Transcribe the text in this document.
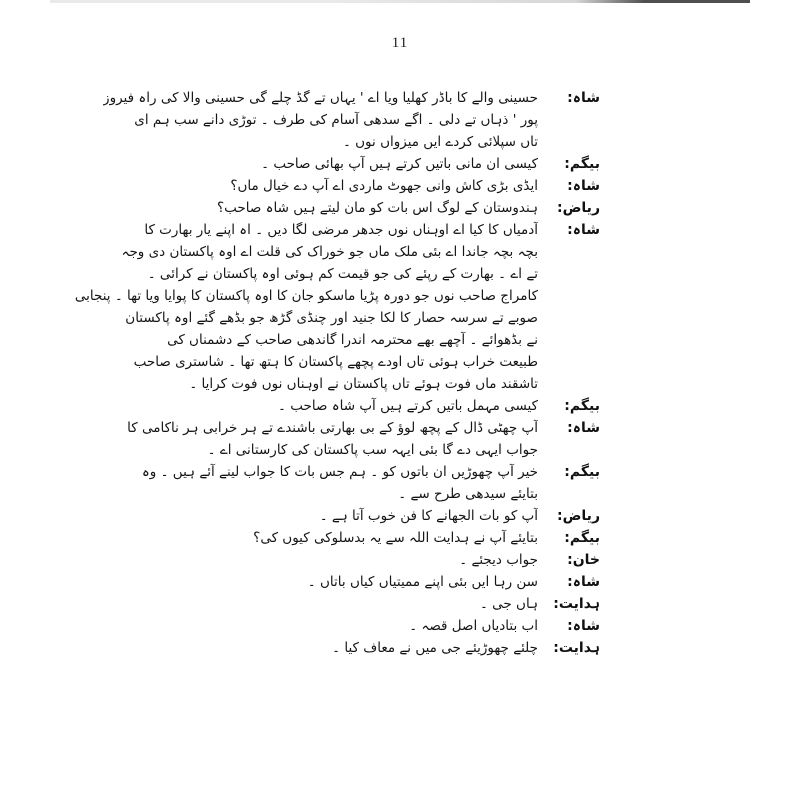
11
شاہ :
حسینی والے کا باڈر کھلیا ویا اے ' یہاں تے گڈ چلے گی حسینی والا کی راہ فیروز
پور ' ذہاں تے دلی ۔ اگے سدھی آسام کی طرف ۔ توڑی دانے سب ہم ای
تاں سپلائی کردے ایں میزواں نوں ۔
بیگم :
کیسی ان مانی باتیں کرتے ہیں آپ بھائی صاحب ۔
شاہ :
ایڈی بڑی کاش وانی جھوٹ ماردی اے آپ دے خیال ماں؟
ریاض :
ہندوستان کے لوگ اس بات کو مان لیتے ہیں شاہ صاحب؟
شاہ :
آدمیاں کا کیا اے اوہناں نوں جدھر مرضی لگا دیں ۔ اہ اپنے یار بھارت کا
بچہ بچہ جاندا اے بئی ملک ماں جو خوراک کی قلت اے اوہ پاکستان دی وجہ
تے اے ۔ بھارت کے رپئے کی جو قیمت کم ہوئی اوہ پاکستان نے کرائی ۔
کامراج صاحب نوں جو دورہ پڑیا ماسکو جان کا اوہ پاکستان کا پوایا ویا تھا ۔ پنجابی
صوبے تے سرسہ حصار کا لکا جنید اور چنڈی گڑھ جو بڈھے گئے اوہ پاکستان
نے بڈھوائے ۔ آچھے بھے محترمہ اندرا گاندھی صاحب کے دشمناں کی
طبیعت خراب ہوئی تاں اودے پچھے پاکستان کا ہتھ تھا ۔ شاستری صاحب
تاشقند ماں فوت ہوئے تاں پاکستان نے اوہناں نوں فوت کرایا ۔
بیگم :
کیسی مہمل باتیں کرتے ہیں آپ شاہ صاحب ۔
شاہ :
آپ چھٹی ڈال کے پچھ لوؤ کے بی بھارتی باشندے تے ہر خرابی ہر ناکامی کا
جواب ایہی دے گا بئی ایہہ سب پاکستان کی کارستانی اے ۔
بیگم :
خیر آپ چھوڑیں ان باتوں کو ۔ ہم جس بات کا جواب لینے آئے ہیں ۔ وہ
بتایئے سیدھی طرح سے ۔
ریاض :
آپ کو بات الجھانے کا فن خوب آتا ہے ۔
بیگم :
بتایئے آپ نے ہدایت اللہ سے یہ بدسلوکی کیوں کی؟
خان :
جواب دیجئے ۔
شاہ :
سن رہا ایں بئی اپنے ممیتیاں کیاں باتاں ۔
ہدایت :
ہاں جی ۔
شاہ :
اب بتادیاں اصل قصہ ۔
ہدایت :
چلئے چھوڑیئے جی میں نے معاف کیا ۔
